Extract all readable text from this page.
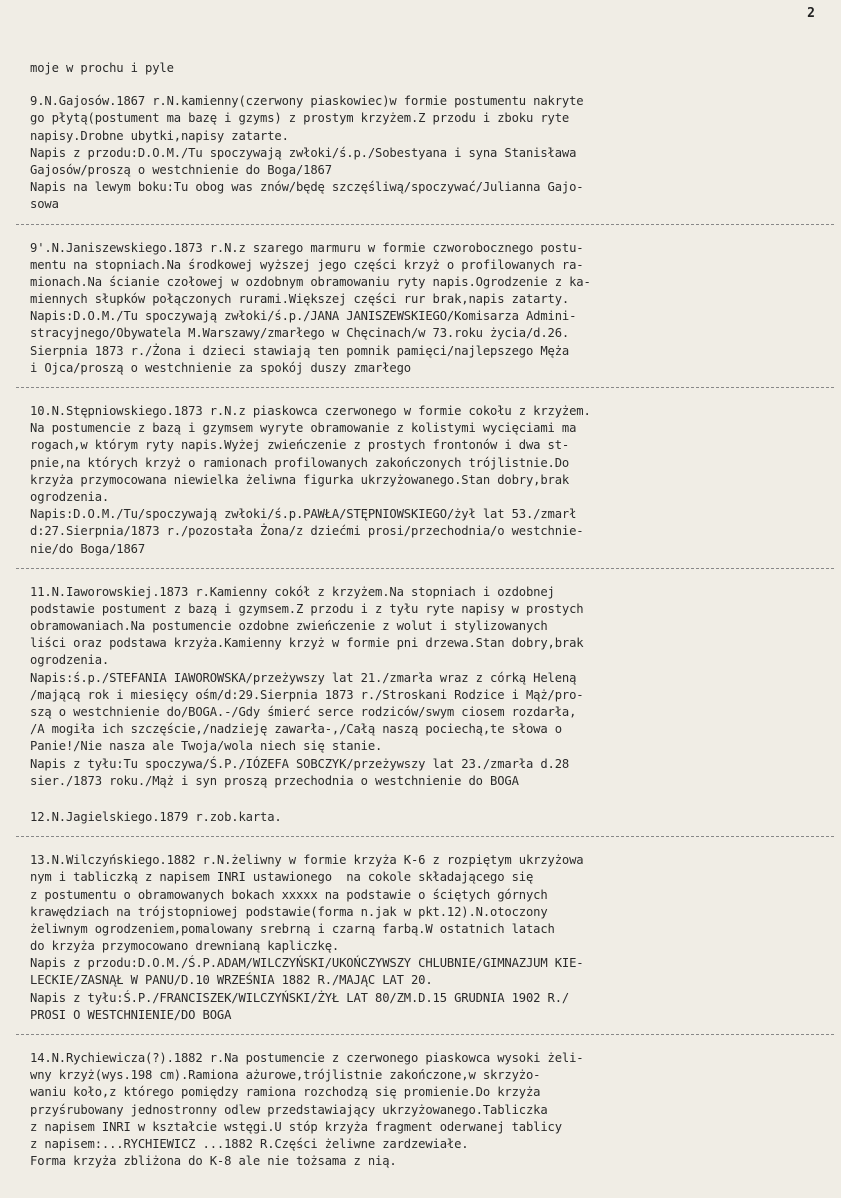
2
moje w prochu i pyle
9.N.Gajosów.1867 r.N.kamienny(czerwony piaskowiec)w formie postumentu nakryte
go płytą(postument ma bazę i gzyms) z prostym krzyżem.Z przodu i zboku ryte
napisy.Drobne ubytki,napisy zatarte.
Napis z przodu:D.O.M./Tu spoczywają zwłoki/ś.p./Sobestyana i syna Stanisława
Gajosów/proszą o westchnienie do Boga/1867
Napis na lewym boku:Tu obog was znów/będę szczęśliwą/spoczywać/Julianna Gajo-
sowa
9'.N.Janiszewskiego.1873 r.N.z szarego marmuru w formie czworobocznego postu-
mentu na stopniach.Na środkowej wyższej jego części krzyż o profilowanych ra-
mionach.Na ścianie czołowej w ozdobnym obramowaniu ryty napis.Ogrodzenie z ka-
miennych słupków połączonych rurami.Większej części rur brak,napis zatarty.
Napis:D.O.M./Tu spoczywają zwłoki/ś.p./JANA JANISZEWSKIEGO/Komisarza Admini-
stracyjnego/Obywatela M.Warszawy/zmarłego w Chęcinach/w 73.roku życia/d.26.
Sierpnia 1873 r./Żona i dzieci stawiają ten pomnik pamięci/najlepszego Męża
i Ojca/proszą o westchnienie za spokój duszy zmarłego
10.N.Stępniowskiego.1873 r.N.z piaskowca czerwonego w formie cokołu z krzyżem.
Na postumencie z bazą i gzymsem wyryte obramowanie z kolistymi wycięciami ma
rogach,w którym ryty napis.Wyżej zwieńczenie z prostych frontonów i dwa st-
pnie,na których krzyż o ramionach profilowanych zakończonych trójlistnie.Do
krzyża przymocowana niewielka żeliwna figurka ukrzyżowanego.Stan dobry,brak
ogrodzenia.
Napis:D.O.M./Tu/spoczywają zwłoki/ś.p.PAWŁA/STĘPNIOWSKIEGO/żył lat 53./zmarł
d:27.Sierpnia/1873 r./pozostała Żona/z dziećmi prosi/przechodnia/o westchnie-
nie/do Boga/1867
11.N.Iaworowskiej.1873 r.Kamienny cokół z krzyżem.Na stopniach i ozdobnej
podstawie postument z bazą i gzymsem.Z przodu i z tyłu ryte napisy w prostych
obramowaniach.Na postumencie ozdobne zwieńczenie z wolut i stylizowanych
liści oraz podstawa krzyża.Kamienny krzyż w formie pni drzewa.Stan dobry,brak
ogrodzenia.
Napis:ś.p./STEFANIA IAWOROWSKA/przeżywszy lat 21./zmarła wraz z córką Heleną
/mającą rok i miesięcy ośm/d:29.Sierpnia 1873 r./Stroskani Rodzice i Mąż/pro-
szą o westchnienie do/BOGA.-/Gdy śmierć serce rodziców/swym ciosem rozdarła,
/A mogiła ich szczęście,/nadzieję zawarła-,/Całą naszą pociechą,te słowa o
Panie!/Nie nasza ale Twoja/wola niech się stanie.
Napis z tyłu:Tu spoczywa/Ś.P./IÓZEFA SOBCZYK/przeżywszy lat 23./zmarła d.28
sier./1873 roku./Mąż i syn proszą przechodnia o westchnienie do BOGA
12.N.Jagielskiego.1879 r.zob.karta.
13.N.Wilczyńskiego.1882 r.N.żeliwny w formie krzyża K-6 z rozpiętym ukrzyżowa
nym i tabliczką z napisem INRI ustawionego  na cokole składającego się
z postumentu o obramowanych bokach xxxxx na podstawie o ściętych górnych
krawędziach na trójstopniowej podstawie(forma n.jak w pkt.12).N.otoczony
żeliwnym ogrodzeniem,pomalowany srebrną i czarną farbą.W ostatnich latach
do krzyża przymocowano drewnianą kapliczkę.
Napis z przodu:D.O.M./Ś.P.ADAM/WILCZYŃSKI/UKOŃCZYWSZY CHLUBNIE/GIMNAZJUM KIE-
LECKIE/ZASNĄŁ W PANU/D.10 WRZEŚNIA 1882 R./MAJĄC LAT 20.
Napis z tyłu:Ś.P./FRANCISZEK/WILCZYŃSKI/ŻYŁ LAT 80/ZM.D.15 GRUDNIA 1902 R./
PROSI O WESTCHNIENIE/DO BOGA
14.N.Rychiewicza(?).1882 r.Na postumencie z czerwonego piaskowca wysoki żeli-
wny krzyż(wys.198 cm).Ramiona ażurowe,trójlistnie zakończone,w skrzyżo-
waniu koło,z którego pomiędzy ramiona rozchodzą się promienie.Do krzyża
przyśrubowany jednostronny odlew przedstawiający ukrzyżowanego.Tabliczka
z napisem INRI w kształcie wstęgi.U stóp krzyża fragment oderwanej tablicy
z napisem:...RYCHIEWICZ ...1882 R.Części żeliwne zardzewiałe.
Forma krzyża zbliżona do K-8 ale nie tożsama z nią.
